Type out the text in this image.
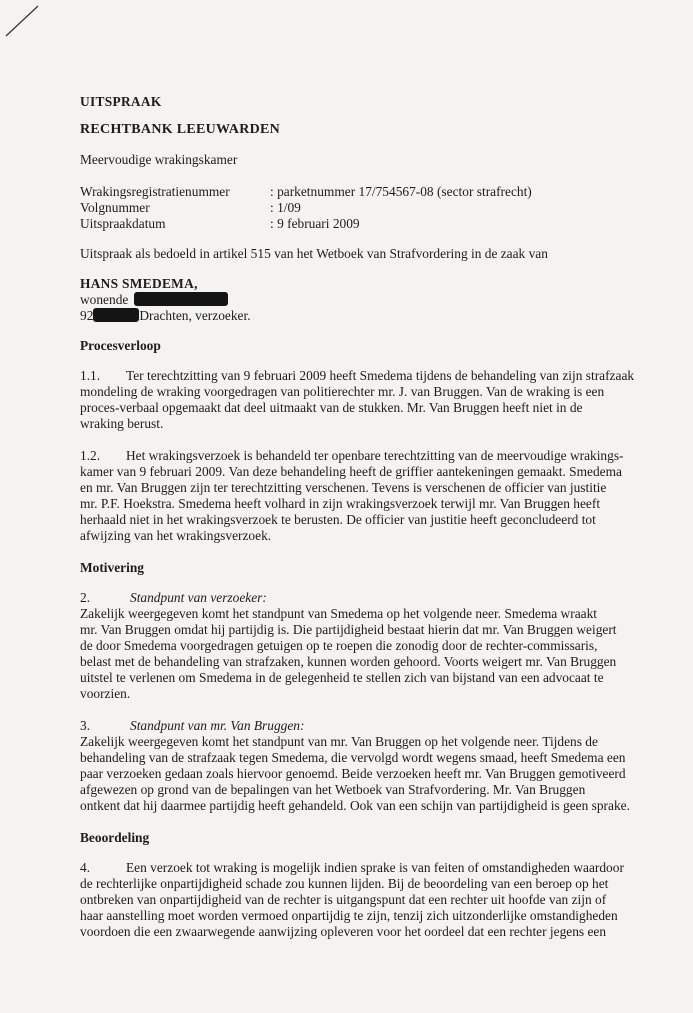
UITSPRAAK

RECHTBANK LEEUWARDEN

Meervoudige wrakingskamer

Wrakingsregistratienummer	: parketnummer 17/754567-08 (sector strafrecht)
Volgnummer	: 1/09
Uitspraakdatum	: 9 februari 2009

Uitspraak als bedoeld in artikel 515 van het Wetboek van Strafvordering in de zaak van

HANS SMEDEMA,

wonende

92	Drachten, verzoeker.

Procesverloop

1.1. Ter terechtzitting van 9 februari 2009 heeft Smedema tijdens de behandeling van zijn strafzaak

mondeling de wraking voorgedragen van politierechter mr. J. van Bruggen. Van de wraking is een

proces-verbaal opgemaakt dat deel uitmaakt van de stukken. Mr. Van Bruggen heeft niet in de

wraking berust.

1.2. Het wrakingsverzoek is behandeld ter openbare terechtzitting van de meervoudige wrakings-

kamer van 9 februari 2009. Van deze behandeling heeft de griffier aantekeningen gemaakt. Smedema

en mr. Van Bruggen zijn ter terechtzitting verschenen. Tevens is verschenen de officier van justitie

mr. P.F. Hoekstra. Smedema heeft volhard in zijn wrakingsverzoek terwijl mr. Van Bruggen heeft

herhaald niet in het wrakingsverzoek te berusten. De officier van justitie heeft geconcludeerd tot

afwijzing van het wrakingsverzoek.

Motivering

2.	Standpunt van verzoeker:

Zakelijk weergegeven komt het standpunt van Smedema op het volgende neer. Smedema wraakt

mr. Van Bruggen omdat hij partijdig is. Die partijdigheid bestaat hierin dat mr. Van Bruggen weigert

de door Smedema voorgedragen getuigen op te roepen die zonodig door de rechter-commissaris,

belast met de behandeling van strafzaken, kunnen worden gehoord. Voorts weigert mr. Van Bruggen

uitstel te verlenen om Smedema in de gelegenheid te stellen zich van bijstand van een advocaat te

voorzien.

3.	Standpunt van mr. Van Bruggen:

Zakelijk weergegeven komt het standpunt van mr. Van Bruggen op het volgende neer. Tijdens de

behandeling van de strafzaak tegen Smedema, die vervolgd wordt wegens smaad, heeft Smedema een

paar verzoeken gedaan zoals hiervoor genoemd. Beide verzoeken heeft mr. Van Bruggen gemotiveerd

afgewezen op grond van de bepalingen van het Wetboek van Strafvordering. Mr. Van Bruggen

ontkent dat hij daarmee partijdig heeft gehandeld. Ook van een schijn van partijdigheid is geen sprake.

Beoordeling

4.	Een verzoek tot wraking is mogelijk indien sprake is van feiten of omstandigheden waardoor

de rechterlijke onpartijdigheid schade zou kunnen lijden. Bij de beoordeling van een beroep op het

ontbreken van onpartijdigheid van de rechter is uitgangspunt dat een rechter uit hoofde van zijn of

haar aanstelling moet worden vermoed onpartijdig te zijn, tenzij zich uitzonderlijke omstandigheden

voordoen die een zwaarwegende aanwijzing opleveren voor het oordeel dat een rechter jegens een
